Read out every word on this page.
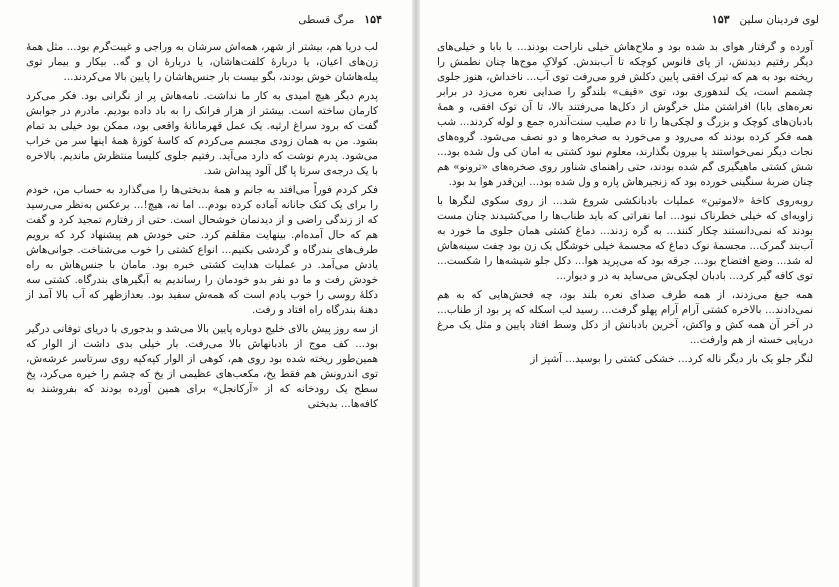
١۵۴
مرگ قسطی

لب دریا هم، بیشتر از شهر، همه‌اش سرشان به وراجی و غیبت‌گرم بود... مثل همهٔ زن‌های اعیان، یا دربارهٔ کلفت‌هاشان، یا دربارهٔ ان و گه.. بیکار و بیمار توی پیله‌هاشان خوش بودند، بگو بیست بار جنس‌هاشان را پایین بالا می‌کردند...

پدرم دیگر هیچ امیدی به کار ما نداشت. نامه‌هاش پر از نگرانی بود. فکر می‌کرد کارمان ساخته است. بیشتر از هزار فرانک را به باد داده بودیم. مادرم در جوابش گفت که برود سراغ ارثیه. یک عمل قهرمانانهٔ واقعی بود، ممکن بود خیلی بد تمام بشود. من به همان زودی مجسم می‌کردم که کاسهٔ کوزهٔ همهٔ اینها سر من خراب می‌شود. پدرم نوشت که دارد می‌آید. رفتیم جلوی کلیسا منتظرش ماندیم. بالاخره با یک درجه‌ی سرتا پا گل آلود پیداش شد.

فکر کردم فوراً می‌افتد به جانم و همهٔ بدبختی‌ها را می‌گذارد به حساب من، خودم را برای یک کتک جانانه آماده کرده بودم... اما نه، هیچ!... برعکس به‌نظر می‌رسید که از زندگی راضی و از دیدنمان خوشحال است. حتی از رفتارم تمجید کرد و گفت هم که حال آمده‌ام. بینهایت مقلقم کرد. حتی خودش هم پیشنهاد کرد که برویم طرف‌های بندرگاه و گردشی بکنیم... انواع کشتی را خوب می‌شناخت. جوانی‌هاش یادش می‌آمد. در عملیات هدایت کشتی خبره بود. مامان با جنس‌هاش به راه خودش رفت و ما دو نفر بدو خودمان را رساندیم به آبگیرهای بندرگاه. کشتی سه دکلهٔ روسی را خوب یادم است که همه‌ش سفید بود. بعدازظهر که آب بالا آمد از دهنهٔ بندرگاه راه افتاد و رفت.

از سه روز پیش بالای خلیج دوباره پایین بالا می‌شد و بدجوری با دریای توفانی درگیر بود... کف موج از بادبانهاش بالا می‌رفت. بار خیلی بدی داشت از الوار که همین‌طور ریخته شده بود روی هم، کوهی از الوار کپه‌کپه روی سرتاسر عرشه‌ش، توی اندرونش هم فقط یخ، مکعب‌های عظیمی از یخ که چشم را خیره می‌کرد، پخ سطح یک رودخانه که از «آرکانجل» برای همین آورده بودند که بفروشند به کافه‌ها... بدبختی

لوی فردینان سلین
١۵٣

آورده و گرفتار هوای بد شده بود و ملاح‌هاش خیلی ناراحت بودند... با بابا و خیلی‌های دیگر رفتیم دیدنش، از پای فانوس کوچکه تا آب‌بندش. کولاکِ موج‌ها چنان نطمش را ریخته بود به هم که تیرک افقی پایین دکلش فرو می‌رفت توی آب... ناخداش، هنوز جلوی چشمم است، یک لندهوری بود، توی «قیف» بلندگو را صدایی نعره می‌زد در برابر نعره‌های بابا) افراشتن مثل خرگوش از دکل‌ها می‌رفتند بالا، تا آن توک افقی، و همهٔ بادبان‌های کوچک و بزرگ و لچکی‌ها را تا دم صلیب سنت‌آندره جمع و لوله کردند... شب همه فکر کرده بودند که می‌رود و می‌خورد به صخره‌ها و دو نصف می‌شود. گروه‌های نجات دیگر نمی‌خواستند پا بیرون بگذارند، معلوم نبود کشتی به امان کی ول شده بود... شش کشتی ماهیگیری گم شده بودند، حتی راهنمای شناور روی صخره‌های «ترونو» هم چنان ضربهٔ سنگینی خورده بود که زنجیرهاش پاره و ول شده بود... این‌قدر هوا بد بود.

روبه‌روی کاخهٔ «لاموتین» عملیات بادبانکشی شروع شد... از روی سکوی لنگرها با زاویه‌ای که خیلی خطرناک نبود... اما نفراتی که باید طناب‌ها را می‌کشیدند چنان مست بودند که نمی‌دانستند چکار کنند... به گره زدند... دماغ کشتی همان جلوی ما خورد به آب‌بند گمرک... مجسمهٔ نوک دماغ که مجسمهٔ خیلی خوشگل یک زن بود چفت سینه‌هاش له شد... وضع افتضاح بود... جرقه بود که می‌پرید هوا... دکل جلو شیشه‌ها را شکست... توی کافه گیر کرد... بادبان لچکی‌ش می‌ساید به در و دیوار...

همه جیغ می‌زدند، از همه طرف صدای نعره بلند بود، چه فحش‌هایی که به هم نمی‌دادند... بالاخره کشتی آرام آرام پهلو گرفت... رسید لب اسکله که پر بود از طناب... در آخر آن همه کش و واکش، آخرین بادبانش از دکل وسط افتاد پایین و مثل یک مرغ دریایی خسته از هم وارفت...

لنگر جلو یک بار دیگر ناله کرد... خشکی کشتی را بوسید... آشپز از
